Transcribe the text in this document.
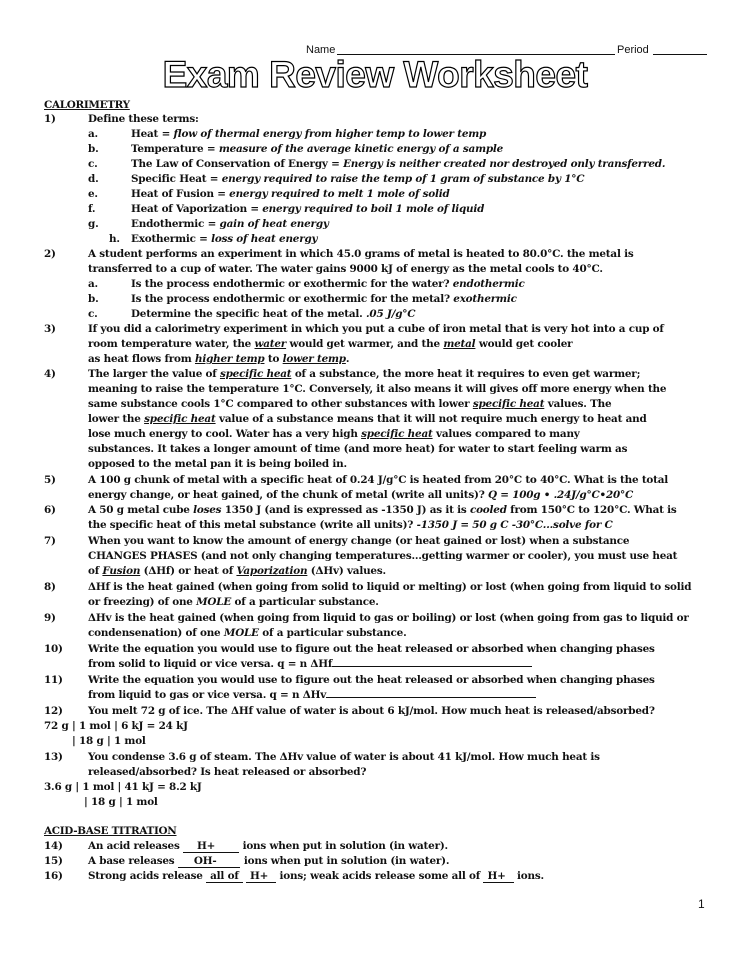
Name	Period
Exam Review Worksheet
CALORIMETRY
1)	Define these terms:
a.	Heat = flow of thermal energy from higher temp to lower temp
b.	Temperature = measure of the average kinetic energy of a sample
c.	The Law of Conservation of Energy = Energy is neither created nor destroyed only transferred.
d.	Specific Heat = energy required to raise the temp of 1 gram of substance by 1°C
e.	Heat of Fusion = energy required to melt 1 mole of solid
f.	Heat of Vaporization = energy required to boil 1 mole of liquid
g.	Endothermic = gain of heat energy
h. Exothermic = loss of heat energy
2)	A student performs an experiment in which 45.0 grams of metal is heated to 80.0°C. the metal is
transferred to a cup of water. The water gains 9000 kJ of energy as the metal cools to 40°C.
a.	Is the process endothermic or exothermic for the water? endothermic
b.	Is the process endothermic or exothermic for the metal? exothermic
c.	Determine the specific heat of the metal. .05 J/g°C
3)	If you did a calorimetry experiment in which you put a cube of iron metal that is very hot into a cup of
room temperature water, the water would get warmer, and the metal would get cooler
as heat flows from higher temp to lower temp.
4)	The larger the value of specific heat of a substance, the more heat it requires to even get warmer;
meaning to raise the temperature 1°C. Conversely, it also means it will gives off more energy when the
same substance cools 1°C compared to other substances with lower specific heat values. The
lower the specific heat value of a substance means that it will not require much energy to heat and
lose much energy to cool. Water has a very high specific heat values compared to many
substances. It takes a longer amount of time (and more heat) for water to start feeling warm as
opposed to the metal pan it is being boiled in.
5)	A 100 g chunk of metal with a specific heat of 0.24 J/g°C is heated from 20°C to 40°C. What is the total
energy change, or heat gained, of the chunk of metal (write all units)? Q = 100g • .24J/g°C•20°C
6)	A 50 g metal cube loses 1350 J (and is expressed as -1350 J) as it is cooled from 150°C to 120°C. What is
the specific heat of this metal substance (write all units)? -1350 J = 50 g C -30°C...solve for C
7)	When you want to know the amount of energy change (or heat gained or lost) when a substance
CHANGES PHASES (and not only changing temperatures…getting warmer or cooler), you must use heat
of Fusion (ΔHf) or heat of Vaporization (ΔHv) values.
8)	ΔHf is the heat gained (when going from solid to liquid or melting) or lost (when going from liquid to solid
or freezing) of one MOLE of a particular substance.
9)	ΔHv is the heat gained (when going from liquid to gas or boiling) or lost (when going from gas to liquid or
condensenation) of one MOLE of a particular substance.
10) Write the equation you would use to figure out the heat released or absorbed when changing phases
from solid to liquid or vice versa. q = n ΔHf
11) Write the equation you would use to figure out the heat released or absorbed when changing phases
from liquid to gas or vice versa. q = n ΔHv
12) You melt 72 g of ice. The ΔHf value of water is about 6 kJ/mol. How much heat is released/absorbed?
72 g | 1 mol | 6 kJ = 24 kJ
| 18 g | 1 mol
13) You condense 3.6 g of steam. The ΔHv value of water is about 41 kJ/mol. How much heat is
released/absorbed? Is heat released or absorbed?
3.6 g | 1 mol | 41 kJ = 8.2 kJ
| 18 g | 1 mol
ACID-BASE TITRATION
14) An acid releases H+ ions when put in solution (in water).
15) A base releases OH- ions when put in solution (in water).
16) Strong acids release all of H+ ions; weak acids release some all of H+ ions.
1
